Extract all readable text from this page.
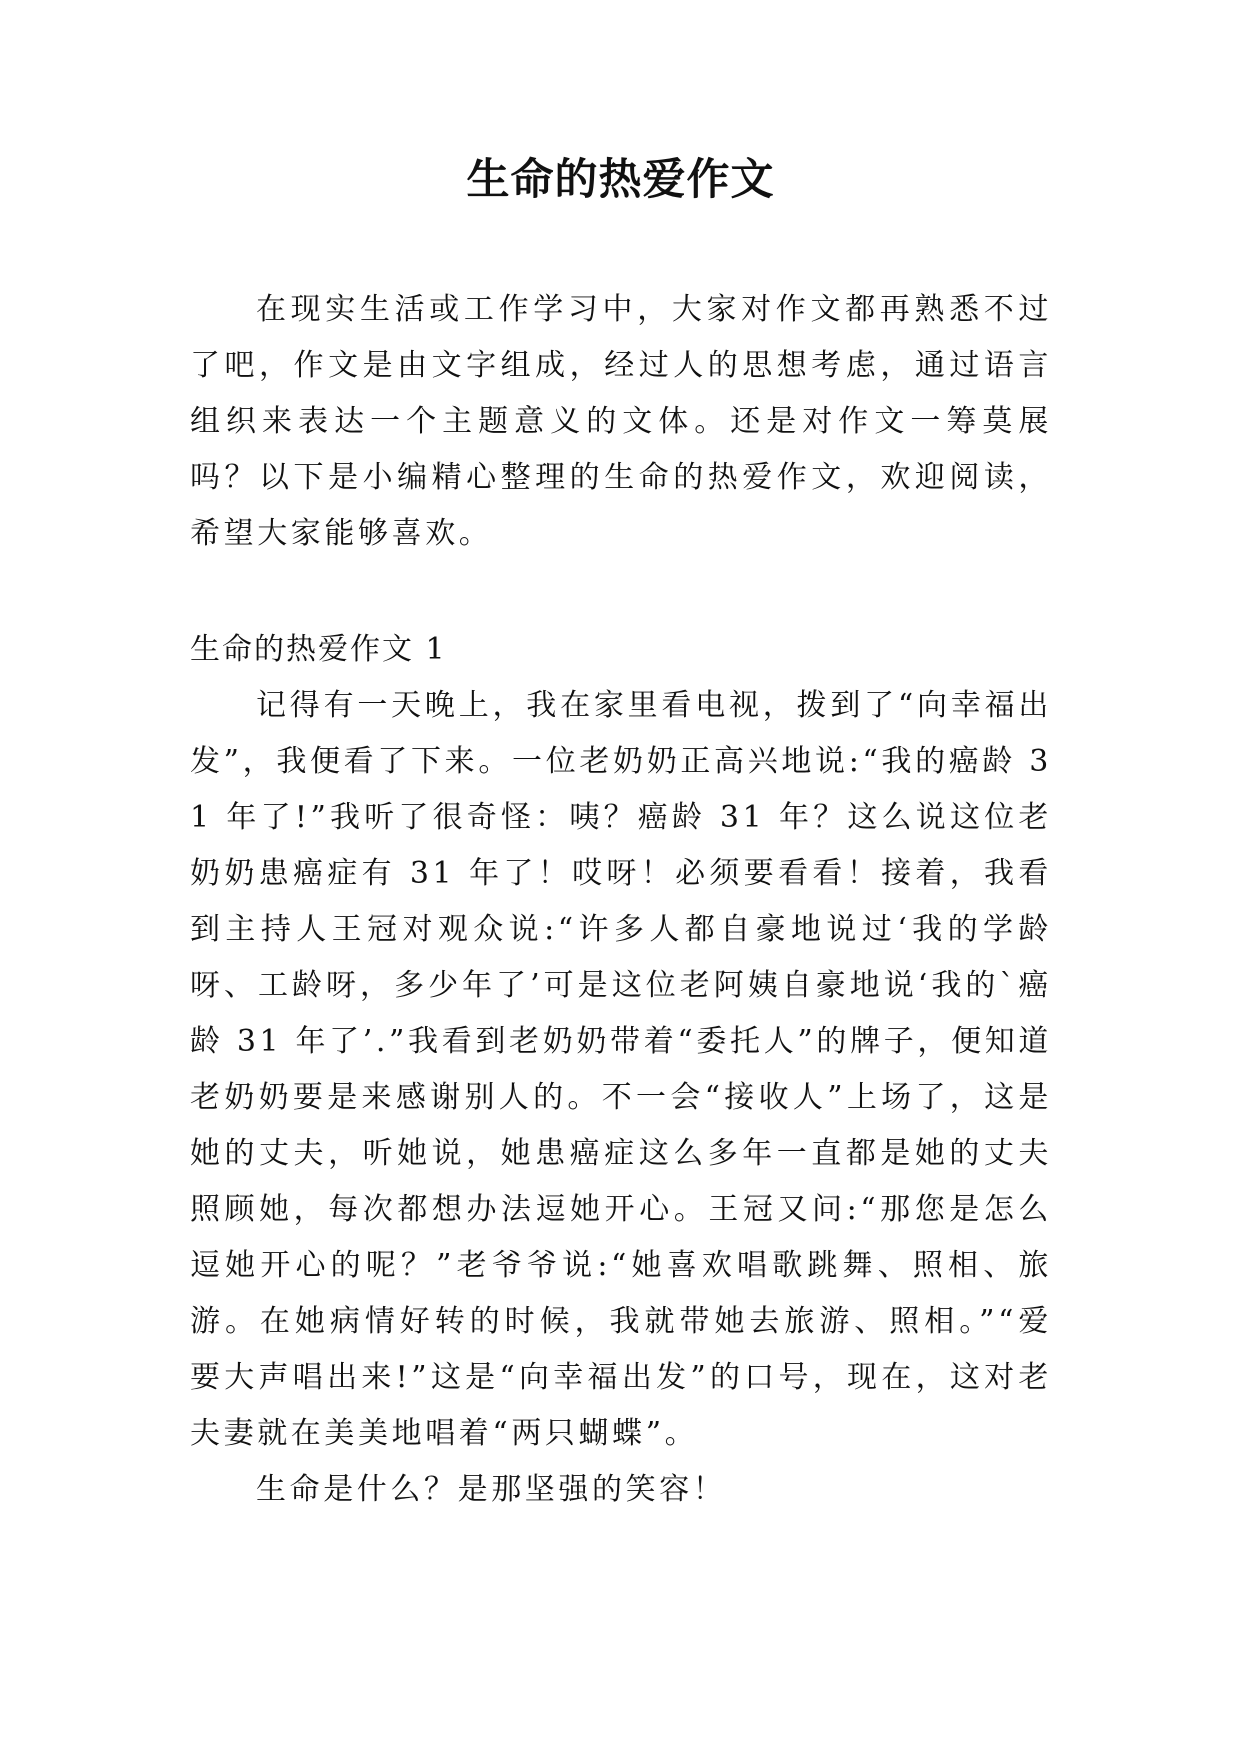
生命的热爱作文

在现实生活或工作学习中，大家对作文都再熟悉不过了吧，作文是由文字组成，经过人的思想考虑，通过语言组织来表达一个主题意义的文体。还是对作文一筹莫展吗？以下是小编精心整理的生命的热爱作文，欢迎阅读，希望大家能够喜欢。

生命的热爱作文 1

记得有一天晚上，我在家里看电视，拨到了“向幸福出发”，我便看了下来。一位老奶奶正高兴地说:“我的癌龄 31 年了!”我听了很奇怪：咦？癌龄 31 年？这么说这位老奶奶患癌症有 31 年了！哎呀！必须要看看！接着，我看到主持人王冠对观众说:“许多人都自豪地说过‘我的学龄呀、工龄呀，多少年了’可是这位老阿姨自豪地说‘我的`癌龄 31 年了’.”我看到老奶奶带着“委托人”的牌子，便知道老奶奶要是来感谢别人的。不一会“接收人”上场了，这是她的丈夫，听她说，她患癌症这么多年一直都是她的丈夫照顾她，每次都想办法逗她开心。王冠又问:“那您是怎么逗她开心的呢？”老爷爷说:“她喜欢唱歌跳舞、照相、旅游。在她病情好转的时候，我就带她去旅游、照相。”“爱要大声唱出来!”这是“向幸福出发”的口号，现在，这对老夫妻就在美美地唱着“两只蝴蝶”。

生命是什么？是那坚强的笑容！
